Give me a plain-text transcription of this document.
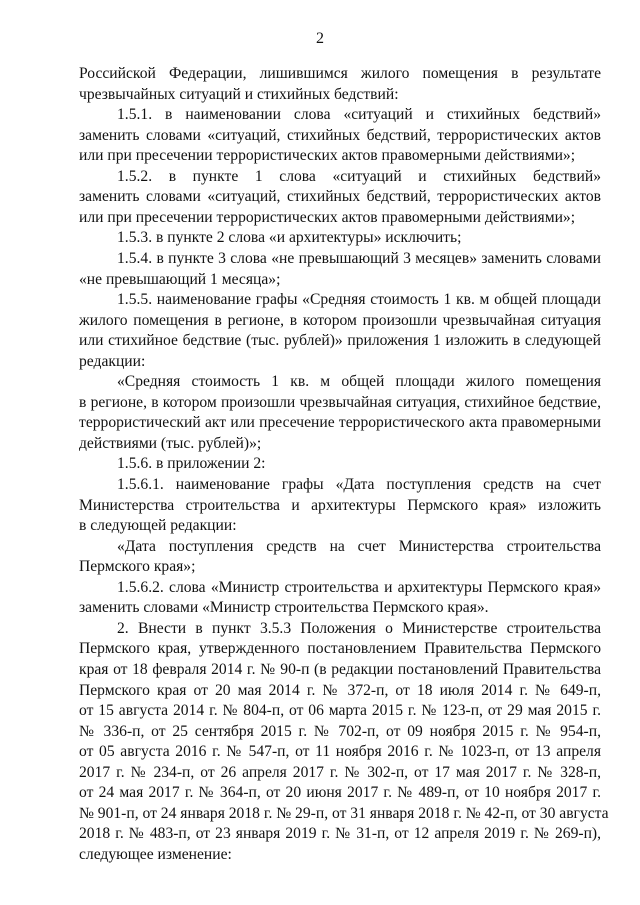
2
Российской Федерации, лишившимся жилого помещения в результате
чрезвычайных ситуаций и стихийных бедствий:
1.5.1. в наименовании слова «ситуаций и стихийных бедствий»
заменить словами «ситуаций, стихийных бедствий, террористических актов
или при пресечении террористических актов правомерными действиями»;
1.5.2. в пункте 1 слова «ситуаций и стихийных бедствий»
заменить словами «ситуаций, стихийных бедствий, террористических актов
или при пресечении террористических актов правомерными действиями»;
1.5.3. в пункте 2 слова «и архитектуры» исключить;
1.5.4. в пункте 3 слова «не превышающий 3 месяцев» заменить словами
«не превышающий 1 месяца»;
1.5.5. наименование графы «Средняя стоимость 1 кв. м общей площади
жилого помещения в регионе, в котором произошли чрезвычайная ситуация
или стихийное бедствие (тыс. рублей)» приложения 1 изложить в следующей
редакции:
«Средняя стоимость 1 кв. м общей площади жилого помещения
в регионе, в котором произошли чрезвычайная ситуация, стихийное бедствие,
террористический акт или пресечение террористического акта правомерными
действиями (тыс. рублей)»;
1.5.6. в приложении 2:
1.5.6.1. наименование графы «Дата поступления средств на счет
Министерства строительства и архитектуры Пермского края» изложить
в следующей редакции:
«Дата поступления средств на счет Министерства строительства
Пермского края»;
1.5.6.2. слова «Министр строительства и архитектуры Пермского края»
заменить словами «Министр строительства Пермского края».
2. Внести в пункт 3.5.3 Положения о Министерстве строительства
Пермского края, утвержденного постановлением Правительства Пермского
края от 18 февраля 2014 г. № 90-п (в редакции постановлений Правительства
Пермского края от 20 мая 2014 г. № 372-п, от 18 июля 2014 г. № 649-п,
от 15 августа 2014 г. № 804-п, от 06 марта 2015 г. № 123-п, от 29 мая 2015 г.
№ 336-п, от 25 сентября 2015 г. № 702-п, от 09 ноября 2015 г. № 954-п,
от 05 августа 2016 г. № 547-п, от 11 ноября 2016 г. № 1023-п, от 13 апреля
2017 г. № 234-п, от 26 апреля 2017 г. № 302-п, от 17 мая 2017 г. № 328-п,
от 24 мая 2017 г. № 364-п, от 20 июня 2017 г. № 489-п, от 10 ноября 2017 г.
№ 901-п, от 24 января 2018 г. № 29-п, от 31 января 2018 г. № 42-п, от 30 августа
2018 г. № 483-п, от 23 января 2019 г. № 31-п, от 12 апреля 2019 г. № 269-п),
следующее изменение:
